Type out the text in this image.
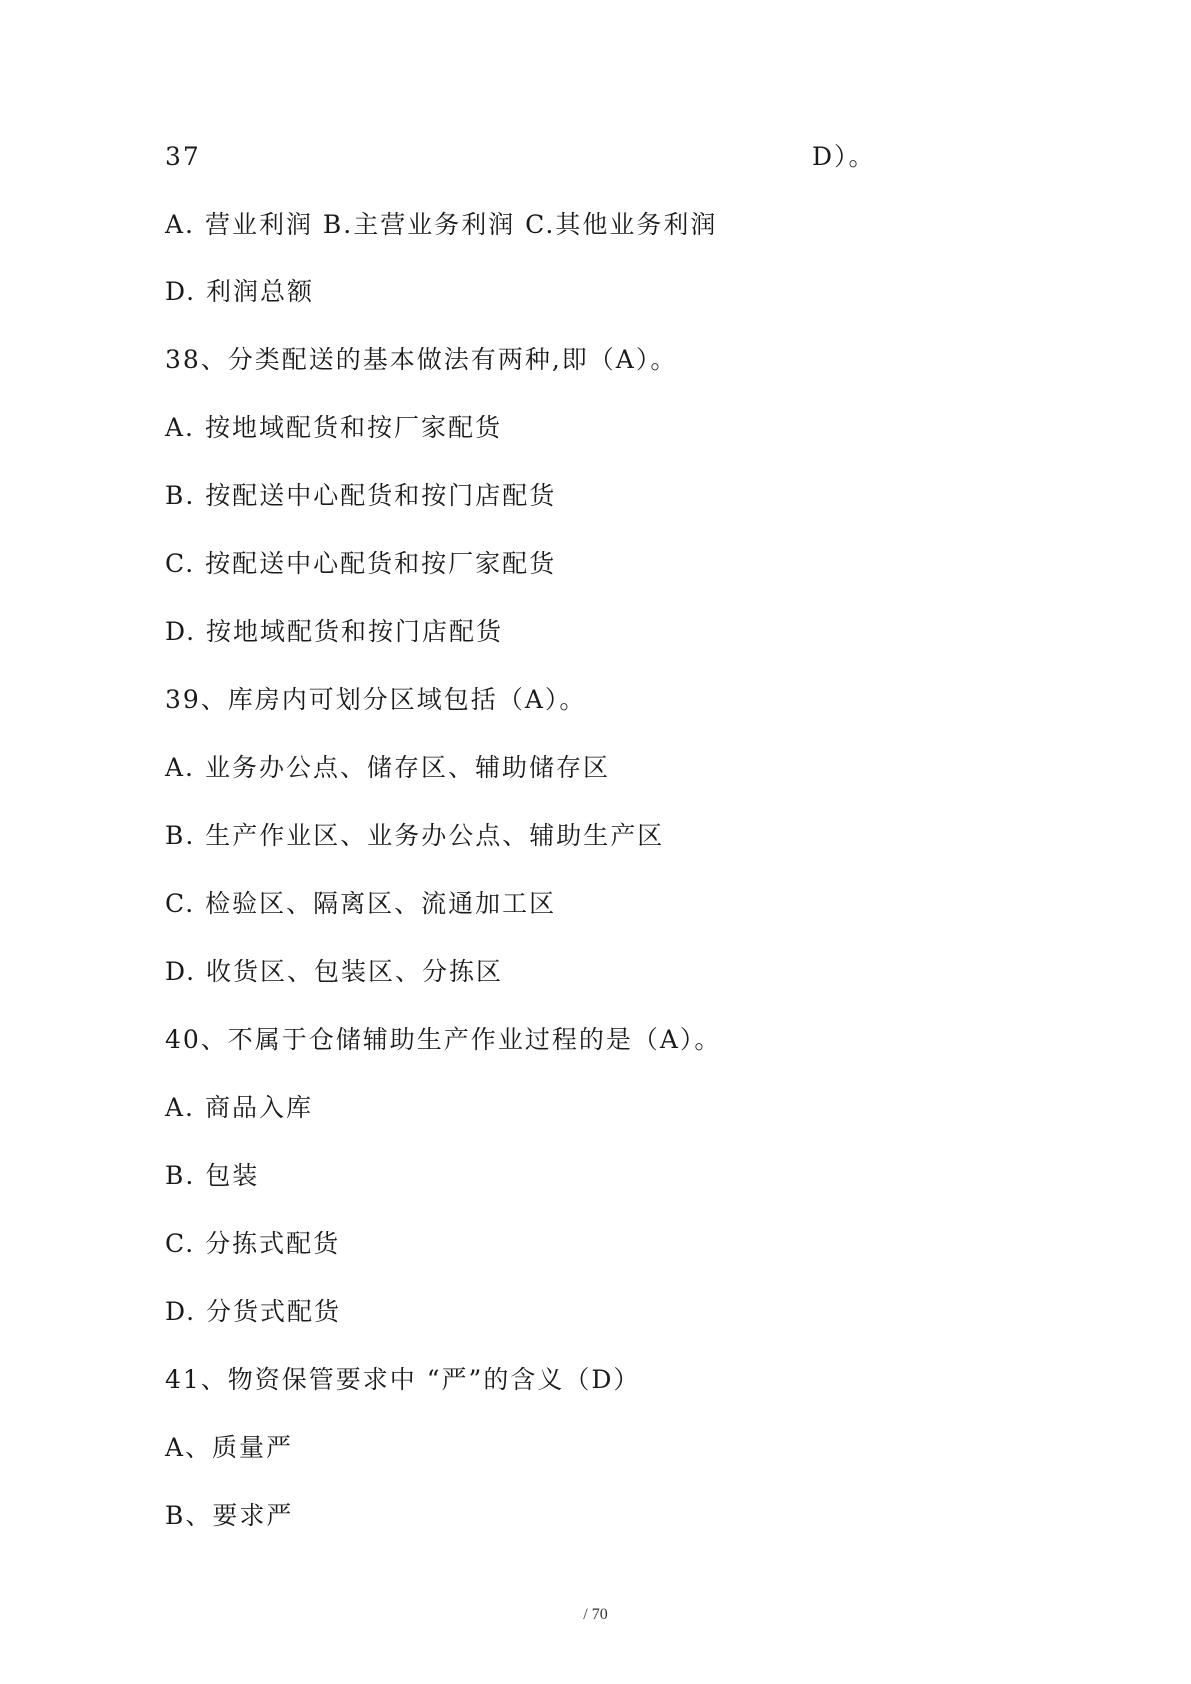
37	D）。
A. 营业利润 B.主营业务利润 C.其他业务利润
D. 利润总额
38、分类配送的基本做法有两种,即（A）。
A. 按地域配货和按厂家配货
B. 按配送中心配货和按门店配货
C. 按配送中心配货和按厂家配货
D. 按地域配货和按门店配货
39、库房内可划分区域包括（A）。
A. 业务办公点、储存区、辅助储存区
B. 生产作业区、业务办公点、辅助生产区
C. 检验区、隔离区、流通加工区
D. 收货区、包装区、分拣区
40、不属于仓储辅助生产作业过程的是（A）。
A. 商品入库
B. 包装
C. 分拣式配货
D. 分货式配货
41、物资保管要求中 “严”的含义（D）
A、质量严
B、要求严
/ 70
